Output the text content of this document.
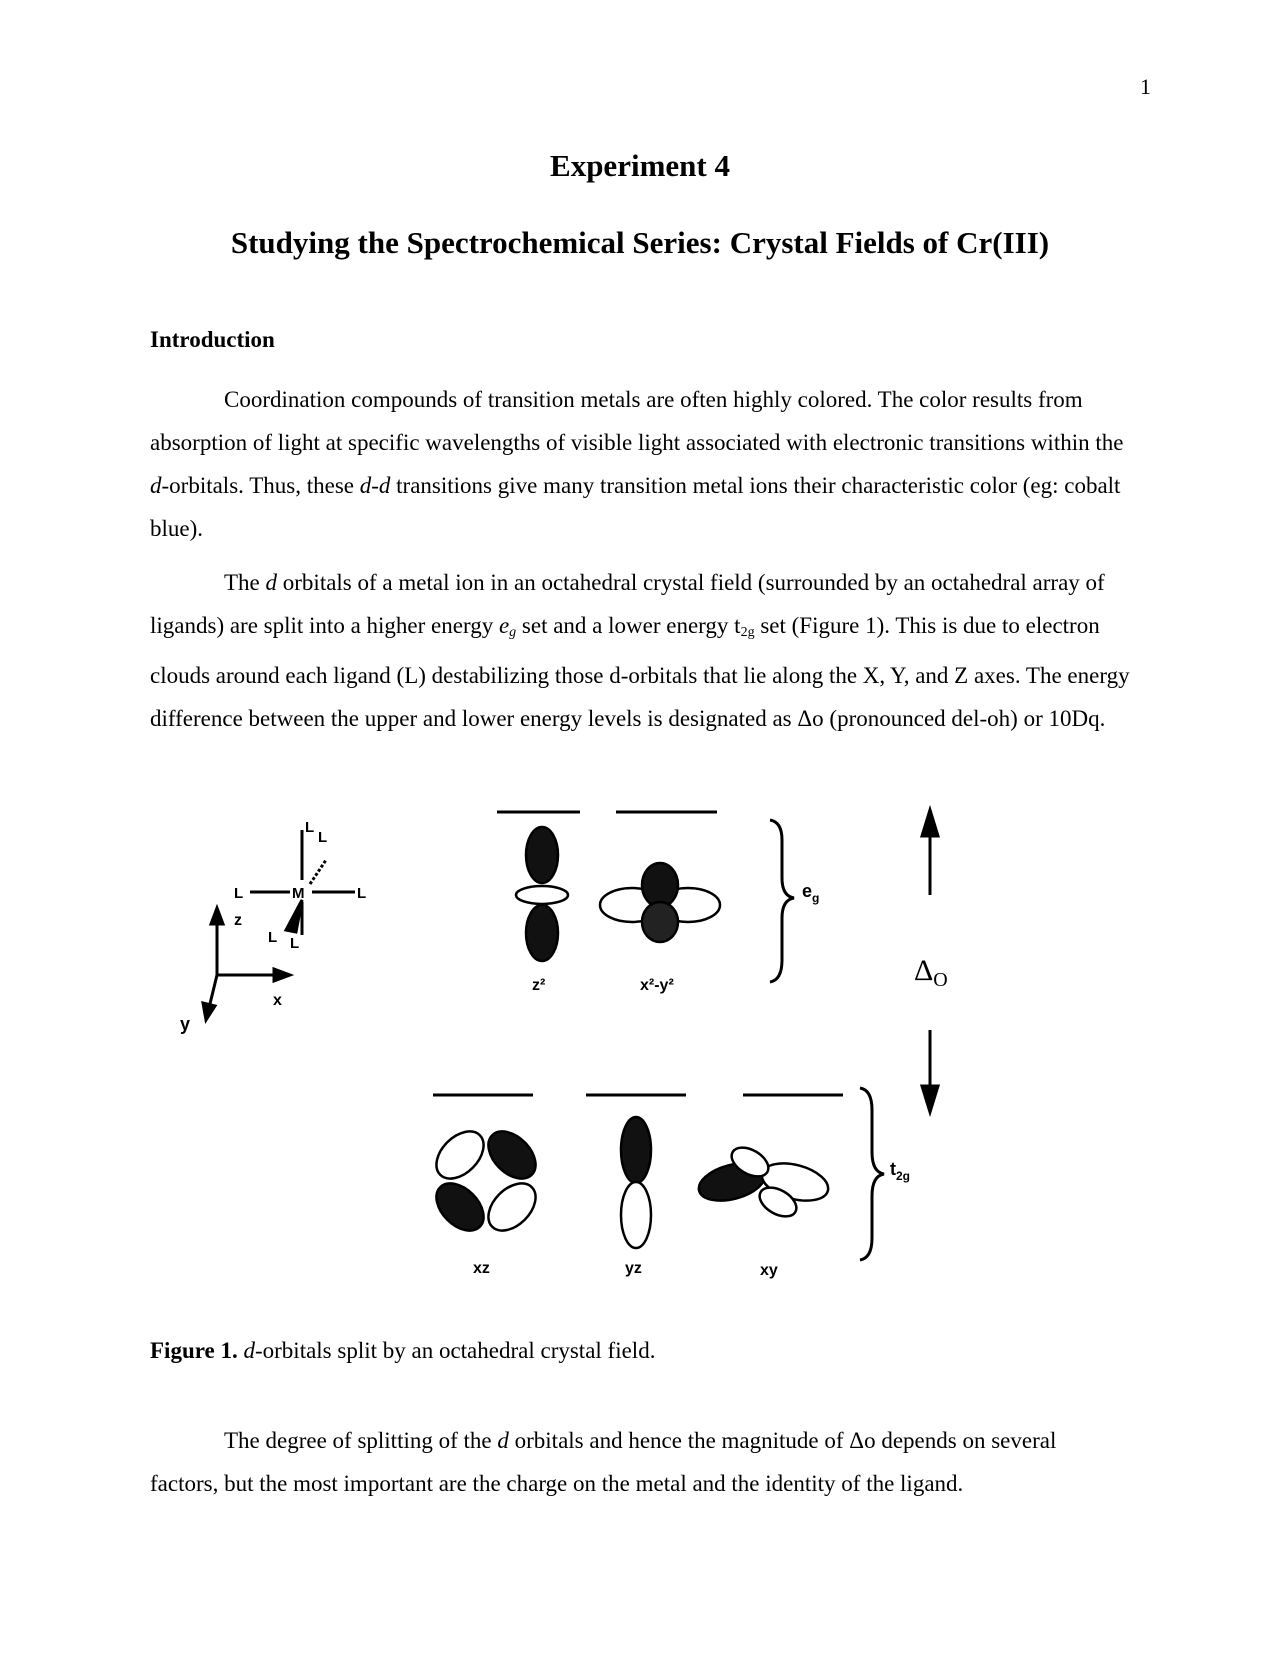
1
Experiment 4
Studying the Spectrochemical Series: Crystal Fields of Cr(III)
Introduction

Coordination compounds of transition metals are often highly colored. The color results from absorption of light at specific wavelengths of visible light associated with electronic transitions within the d-orbitals. Thus, these d-d transitions give many transition metal ions their characteristic color (eg: cobalt blue).

The d orbitals of a metal ion in an octahedral crystal field (surrounded by an octahedral array of ligands) are split into a higher energy $e_g$ set and a lower energy $t_{2g}$ set (Figure 1). This is due to electron clouds around each ligand (L) destabilizing those d-orbitals that lie along the X, Y, and Z axes. The energy difference between the upper and lower energy levels is designated as Δo (pronounced del-oh) or 10Dq.

L
L
L	M	L
L L
z
x
y
z²	x²-y²
$e_g$
$\Delta_O$
xz	yz	xy
$t_{2g}$
Figure 1. d-orbitals split by an octahedral crystal field.

The degree of splitting of the d orbitals and hence the magnitude of Δo depends on several factors, but the most important are the charge on the metal and the identity of the ligand.
